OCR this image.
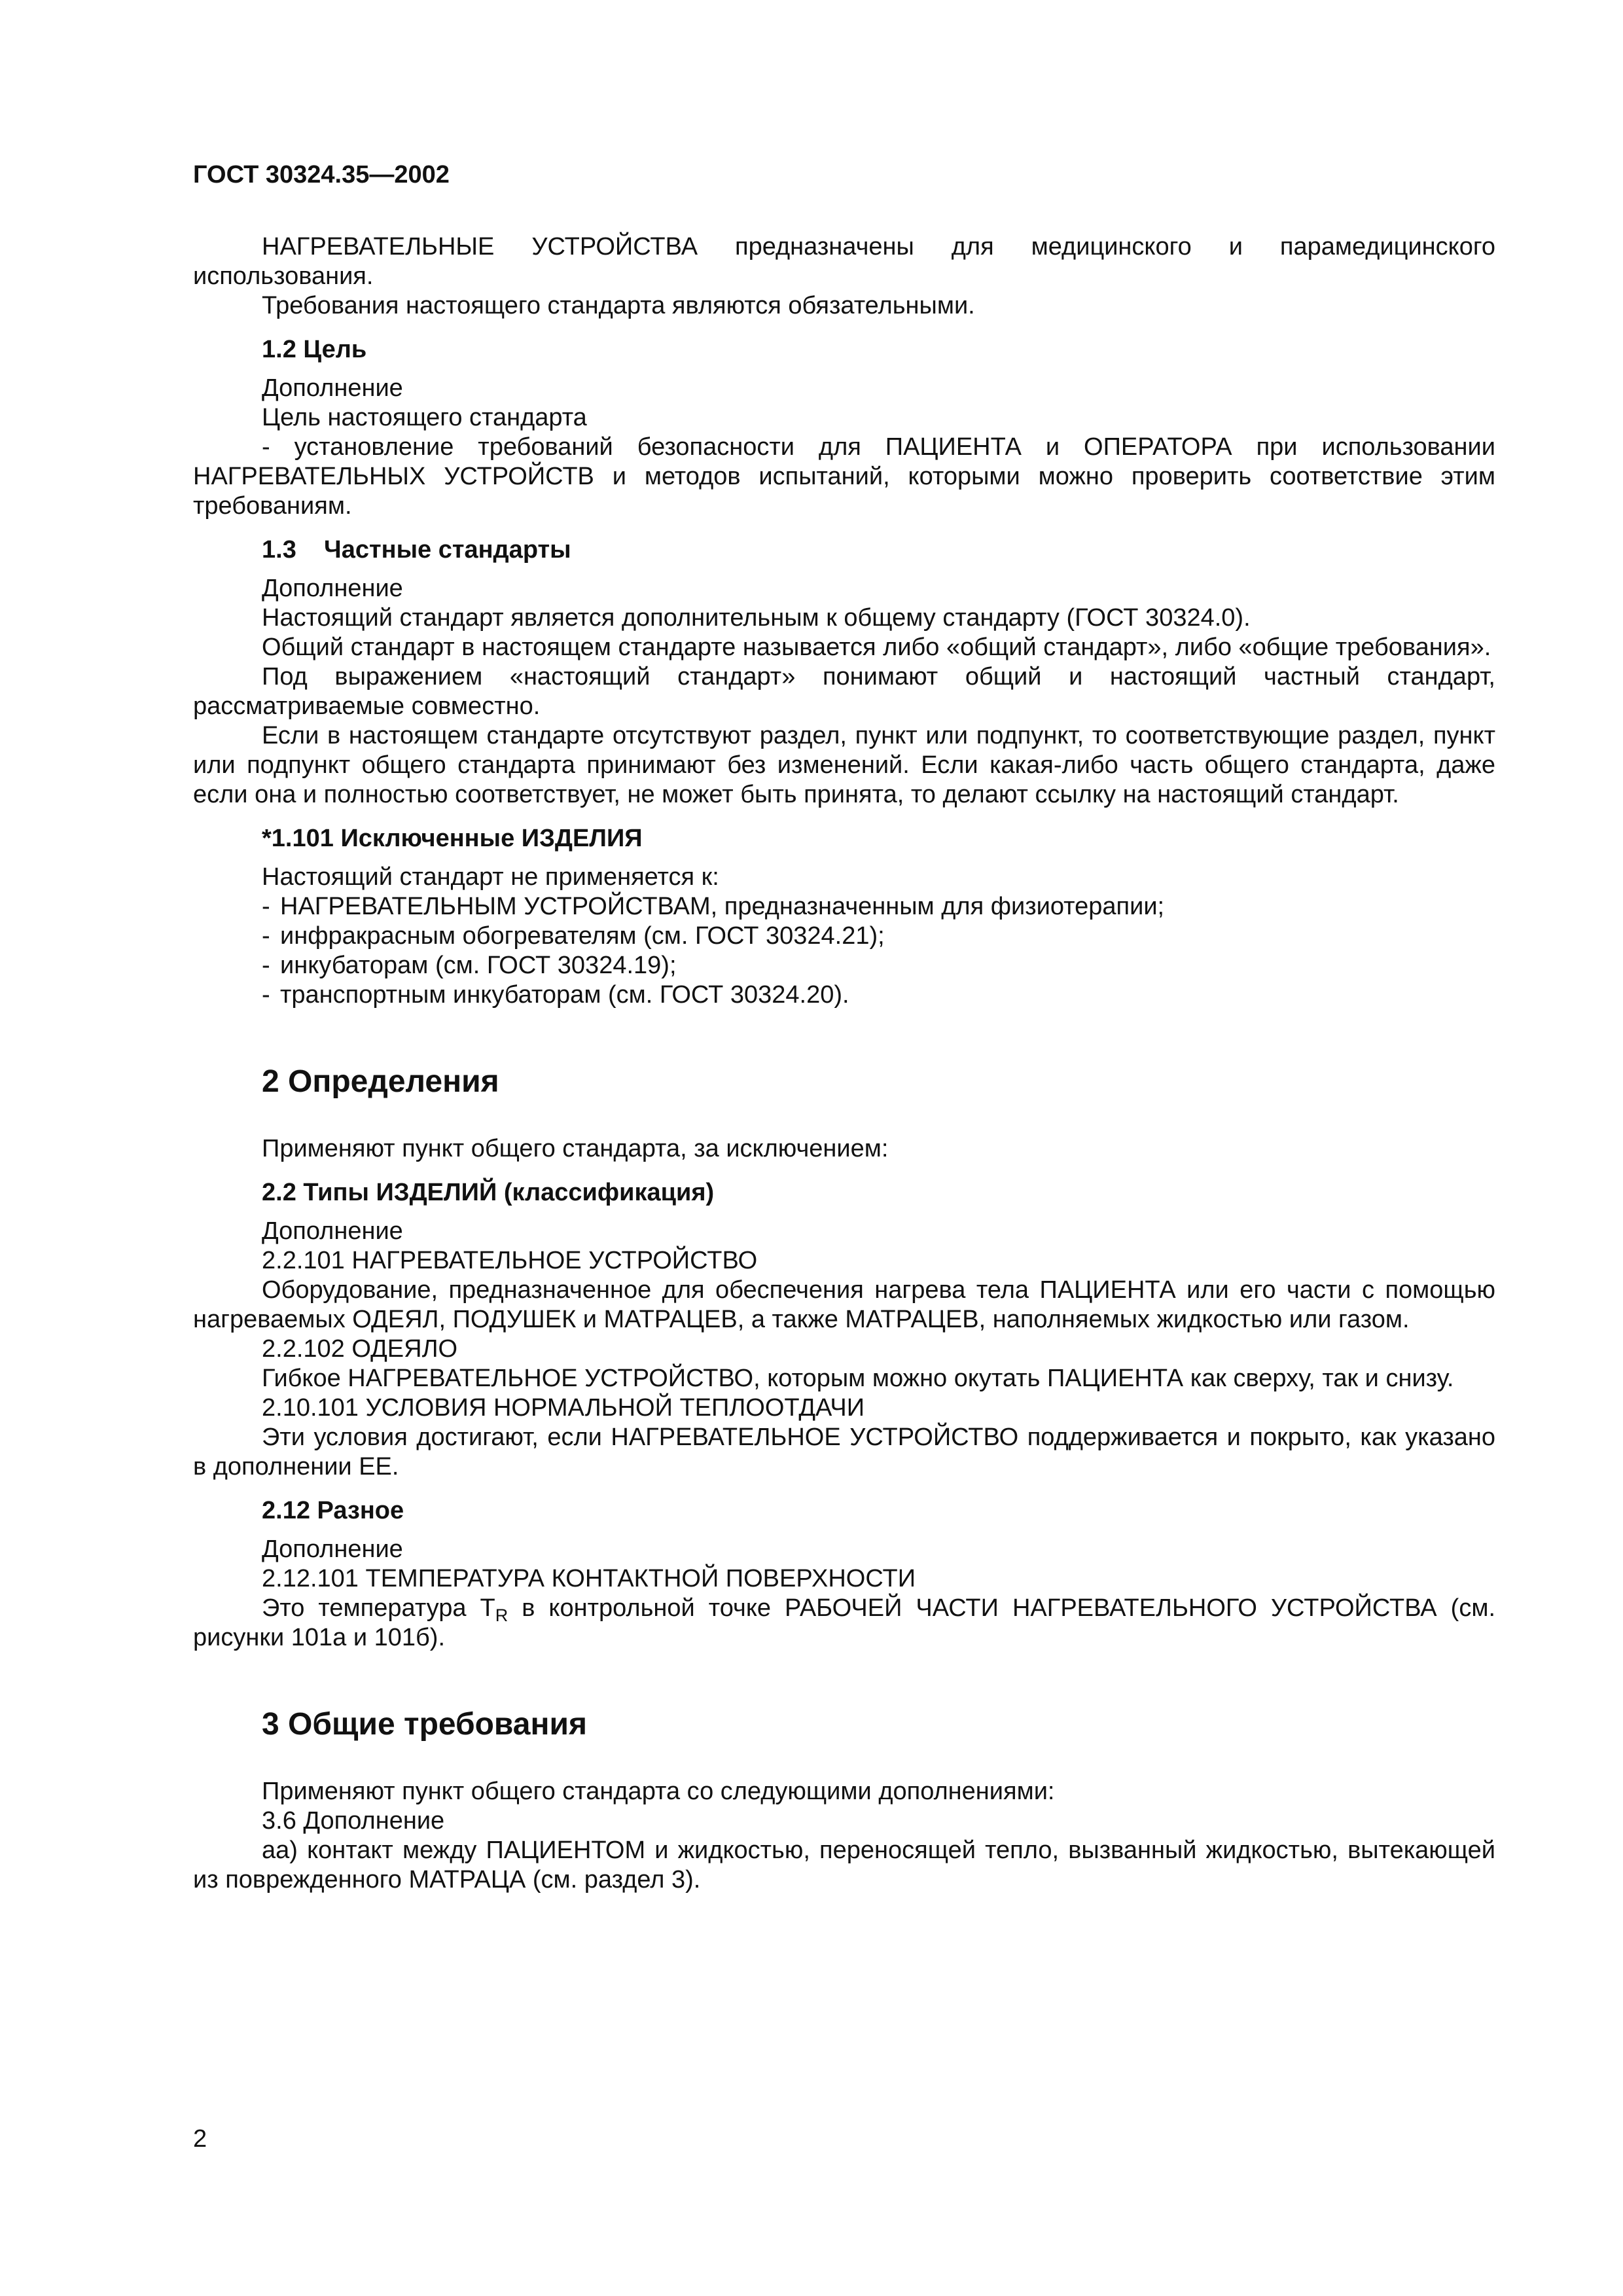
ГОСТ 30324.35—2002

НАГРЕВАТЕЛЬНЫЕ УСТРОЙСТВА предназначены для медицинского и парамедицинского использования.

Требования настоящего стандарта являются обязательными.

1.2 Цель

Дополнение

Цель настоящего стандарта

- установление требований безопасности для ПАЦИЕНТА и ОПЕРАТОРА при использовании НАГРЕВАТЕЛЬНЫХ УСТРОЙСТВ и методов испытаний, которыми можно проверить соответствие этим требованиям.

1.3    Частные стандарты

Дополнение

Настоящий стандарт является дополнительным к общему стандарту (ГОСТ 30324.0).

Общий стандарт в настоящем стандарте называется либо «общий стандарт», либо «общие требования».

Под выражением «настоящий стандарт» понимают общий и настоящий частный стандарт, рассматриваемые совместно.

Если в настоящем стандарте отсутствуют раздел, пункт или подпункт, то соответствующие раздел, пункт или подпункт общего стандарта принимают без изменений. Если какая-либо часть общего стандарта, даже если она и полностью соответствует, не может быть принята, то делают ссылку на настоящий стандарт.

*1.101 Исключенные ИЗДЕЛИЯ

Настоящий стандарт не применяется к:

- НАГРЕВАТЕЛЬНЫМ УСТРОЙСТВАМ, предназначенным для физиотерапии;

- инфракрасным обогревателям (см. ГОСТ 30324.21);

- инкубаторам (см. ГОСТ 30324.19);

- транспортным инкубаторам (см. ГОСТ 30324.20).

2 Определения

Применяют пункт общего стандарта, за исключением:

2.2 Типы ИЗДЕЛИЙ (классификация)

Дополнение

2.2.101 НАГРЕВАТЕЛЬНОЕ УСТРОЙСТВО

Оборудование, предназначенное для обеспечения нагрева тела ПАЦИЕНТА или его части с помощью нагреваемых ОДЕЯЛ, ПОДУШЕК и МАТРАЦЕВ, а также МАТРАЦЕВ, наполняемых жидкостью или газом.

2.2.102 ОДЕЯЛО

Гибкое НАГРЕВАТЕЛЬНОЕ УСТРОЙСТВО, которым можно окутать ПАЦИЕНТА как сверху, так и снизу.

2.10.101 УСЛОВИЯ НОРМАЛЬНОЙ ТЕПЛООТДАЧИ

Эти условия достигают, если НАГРЕВАТЕЛЬНОЕ УСТРОЙСТВО поддерживается и покрыто, как указано в дополнении ЕЕ.

2.12 Разное

Дополнение

2.12.101 ТЕМПЕРАТУРА КОНТАКТНОЙ ПОВЕРХНОСТИ

Это температура $T_R$ в контрольной точке РАБОЧЕЙ ЧАСТИ НАГРЕВАТЕЛЬНОГО УСТРОЙСТВА (см. рисунки 101а и 101б).

3 Общие требования

Применяют пункт общего стандарта со следующими дополнениями:

3.6 Дополнение

аа) контакт между ПАЦИЕНТОМ и жидкостью, переносящей тепло, вызванный жидкостью, вытекающей из поврежденного МАТРАЦА (см. раздел 3).

2
